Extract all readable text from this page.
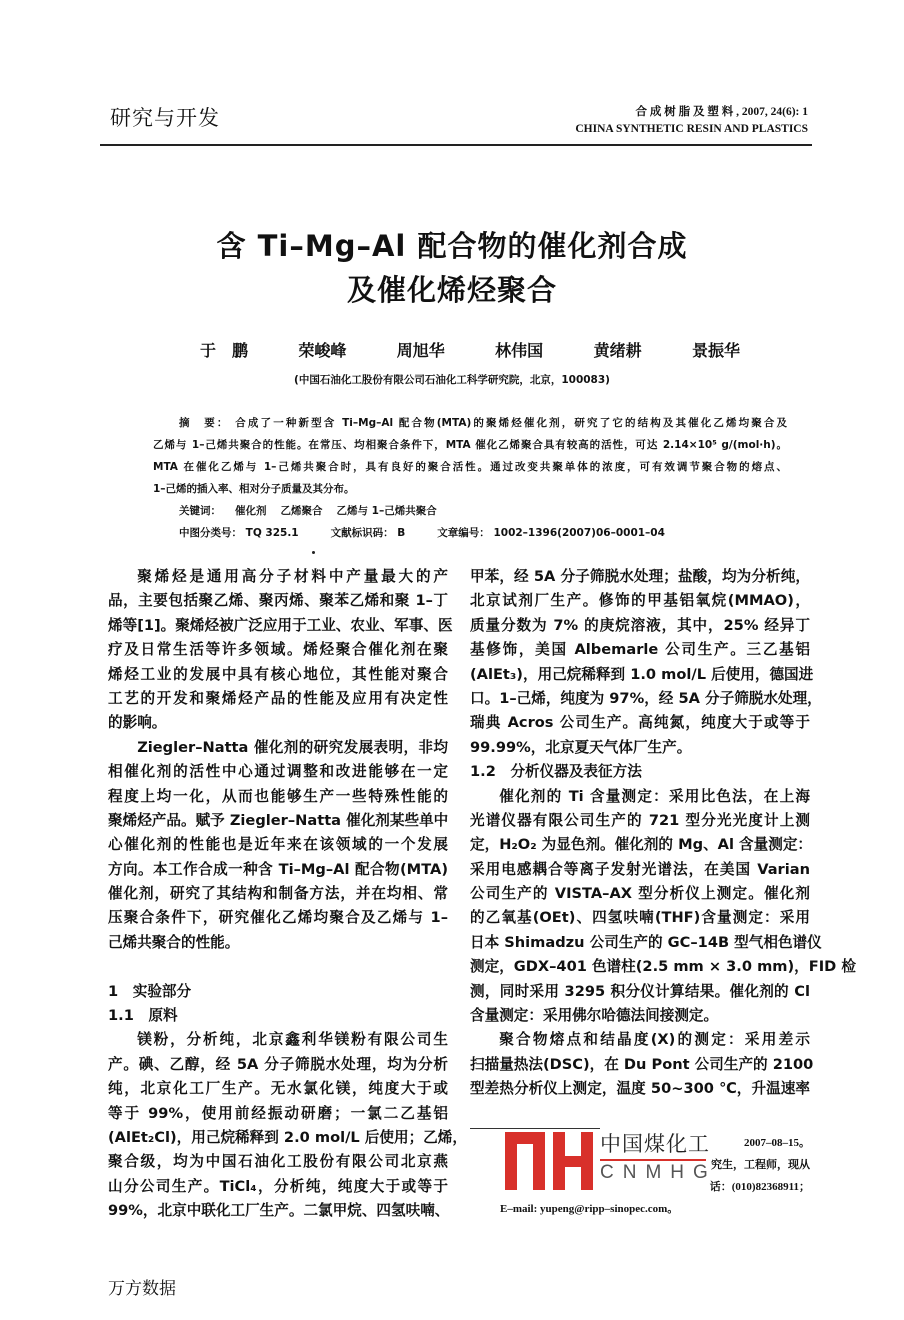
研究与开发	合 成 树 脂 及 塑 料 , 2007, 24(6): 1
CHINA SYNTHETIC RESIN AND PLASTICS
含 Ti–Mg–Al 配合物的催化剂合成
及催化烯烃聚合
于　鹏	荣峻峰	周旭华	林伟国	黄绪耕	景振华
(中国石油化工股份有限公司石油化工科学研究院，北京，100083)
摘　要： 合成了一种新型含 Ti–Mg–Al 配合物(MTA)的聚烯烃催化剂，研究了它的结构及其催化乙烯均聚合及
乙烯与 1–己烯共聚合的性能。在常压、均相聚合条件下，MTA 催化乙烯聚合具有较高的活性，可达 2.14×10⁵ g/(mol·h)。
MTA 在催化乙烯与 1–己烯共聚合时，具有良好的聚合活性。通过改变共聚单体的浓度，可有效调节聚合物的熔点、
1–己烯的插入率、相对分子质量及其分布。
关键词： 催化剂 乙烯聚合 乙烯与 1–己烯共聚合
中图分类号： TQ 325.1	文献标识码： B	文章编号： 1002–1396(2007)06–0001–04
聚烯烃是通用高分子材料中产量最大的产
品，主要包括聚乙烯、聚丙烯、聚苯乙烯和聚 1–丁
烯等[1]。聚烯烃被广泛应用于工业、农业、军事、医
疗及日常生活等许多领域。烯烃聚合催化剂在聚
烯烃工业的发展中具有核心地位，其性能对聚合
工艺的开发和聚烯烃产品的性能及应用有决定性
的影响。
Ziegler–Natta 催化剂的研究发展表明，非均
相催化剂的活性中心通过调整和改进能够在一定
程度上均一化，从而也能够生产一些特殊性能的
聚烯烃产品。赋予 Ziegler–Natta 催化剂某些单中
心催化剂的性能也是近年来在该领域的一个发展
方向。本工作合成一种含 Ti–Mg–Al 配合物(MTA)
催化剂，研究了其结构和制备方法，并在均相、常
压聚合条件下，研究催化乙烯均聚合及乙烯与 1–
己烯共聚合的性能。
1　实验部分
1.1　原料
镁粉，分析纯，北京鑫利华镁粉有限公司生
产。碘、乙醇，经 5A 分子筛脱水处理，均为分析
纯，北京化工厂生产。无水氯化镁，纯度大于或
等于 99%，使用前经振动研磨；一氯二乙基铝
(AlEt₂Cl)，用己烷稀释到 2.0 mol/L 后使用；乙烯，
聚合级，均为中国石油化工股份有限公司北京燕
山分公司生产。TiCl₄，分析纯，纯度大于或等于
99%，北京中联化工厂生产。二氯甲烷、四氢呋喃、
甲苯，经 5A 分子筛脱水处理；盐酸，均为分析纯，
北京试剂厂生产。修饰的甲基铝氧烷(MMAO)，
质量分数为 7% 的庚烷溶液，其中，25% 经异丁
基修饰，美国 Albemarle 公司生产。三乙基铝
(AlEt₃)，用己烷稀释到 1.0 mol/L 后使用，德国进
口。1–己烯，纯度为 97%，经 5A 分子筛脱水处理，
瑞典 Acros 公司生产。高纯氮，纯度大于或等于
99.99%，北京夏天气体厂生产。
1.2　分析仪器及表征方法
催化剂的 Ti 含量测定：采用比色法，在上海
光谱仪器有限公司生产的 721 型分光光度计上测
定，H₂O₂ 为显色剂。催化剂的 Mg、Al 含量测定：
采用电感耦合等离子发射光谱法，在美国 Varian
公司生产的 VISTA–AX 型分析仪上测定。催化剂
的乙氧基(OEt)、四氢呋喃(THF)含量测定：采用
日本 Shimadzu 公司生产的 GC–14B 型气相色谱仪
测定，GDX–401 色谱柱(2.5 mm × 3.0 mm)，FID 检
测，同时采用 3295 积分仪计算结果。催化剂的 Cl
含量测定：采用佛尔哈德法间接测定。
聚合物熔点和结晶度(X)的测定：采用差示
扫描量热法(DSC)，在 Du Pont 公司生产的 2100
型差热分析仪上测定，温度 50~300 ℃，升温速率
2007–08–15。
究生，工程师，现从
话：(010)82368911；
E–mail: yupeng@ripp–sinopec.com。
中国煤化工
CNMHG
万方数据
